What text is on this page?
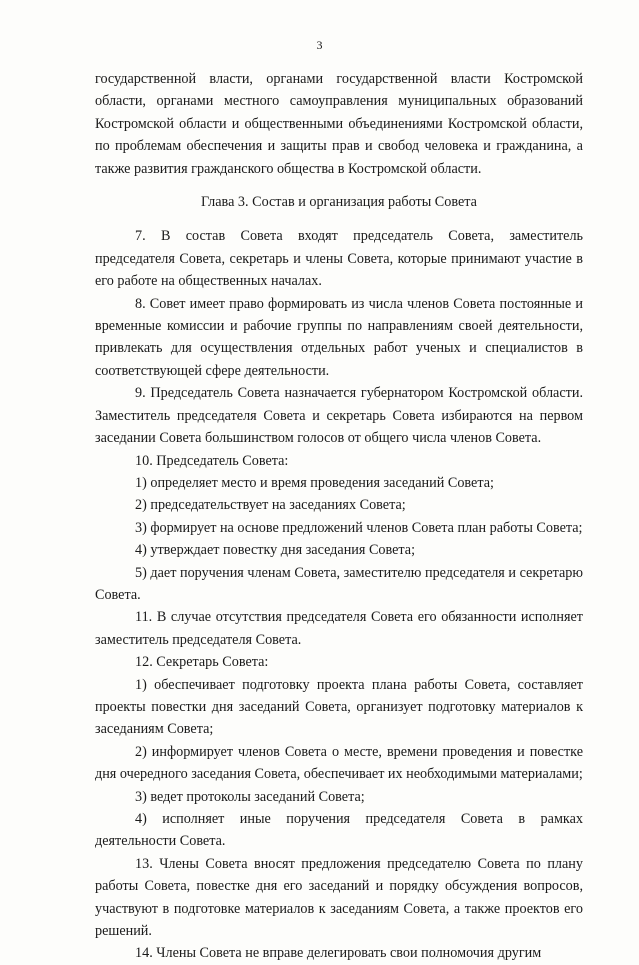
3

государственной власти, органами государственной власти Костромской области, органами местного самоуправления муниципальных образований Костромской области и общественными объединениями Костромской области, по проблемам обеспечения и защиты прав и свобод человека и гражданина, а также развития гражданского общества в Костромской области.

Глава 3. Состав и организация работы Совета

7. В состав Совета входят председатель Совета, заместитель председателя Совета, секретарь и члены Совета, которые принимают участие в его работе на общественных началах.

8. Совет имеет право формировать из числа членов Совета постоянные и временные комиссии и рабочие группы по направлениям своей деятельности, привлекать для осуществления отдельных работ ученых и специалистов в соответствующей сфере деятельности.

9. Председатель Совета назначается губернатором Костромской области. Заместитель председателя Совета и секретарь Совета избираются на первом заседании Совета большинством голосов от общего числа членов Совета.

10. Председатель Совета:

1) определяет место и время проведения заседаний Совета;

2) председательствует на заседаниях Совета;

3) формирует на основе предложений членов Совета план работы Совета;

4) утверждает повестку дня заседания Совета;

5) дает поручения членам Совета, заместителю председателя и секретарю Совета.

11. В случае отсутствия председателя Совета его обязанности исполняет заместитель председателя Совета.

12. Секретарь Совета:

1) обеспечивает подготовку проекта плана работы Совета, составляет проекты повестки дня заседаний Совета, организует подготовку материалов к заседаниям Совета;

2) информирует членов Совета о месте, времени проведения и повестке дня очередного заседания Совета, обеспечивает их необходимыми материалами;

3) ведет протоколы заседаний Совета;

4) исполняет иные поручения председателя Совета в рамках деятельности Совета.

13. Члены Совета вносят предложения председателю Совета по плану работы Совета, повестке дня его заседаний и порядку обсуждения вопросов, участвуют в подготовке материалов к заседаниям Совета, а также проектов его решений.

14. Члены Совета не вправе делегировать свои полномочия другим
